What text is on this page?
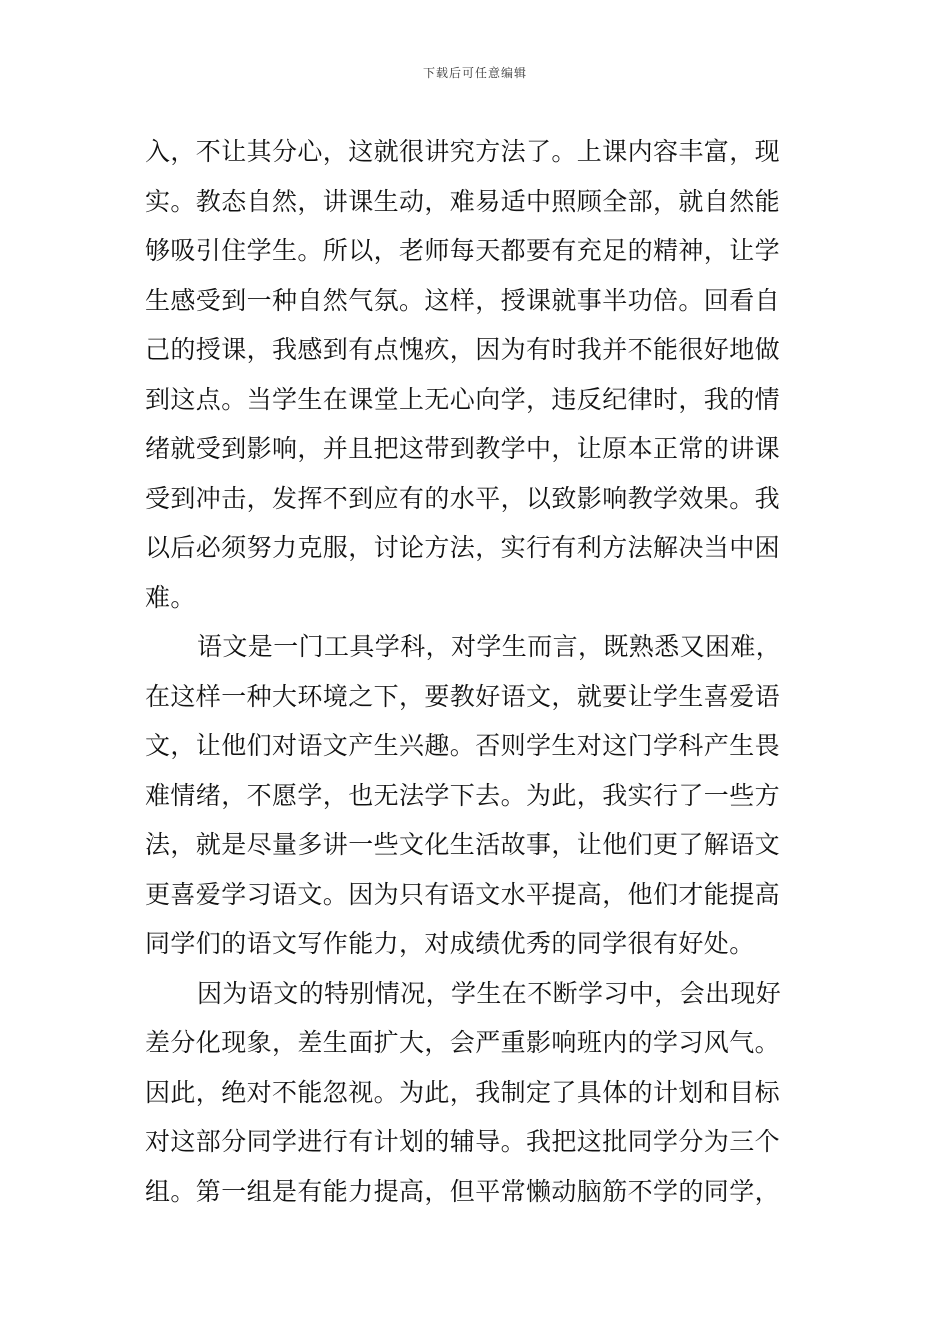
下载后可任意编辑
入，不让其分心，这就很讲究方法了。上课内容丰富，现
实。教态自然，讲课生动，难易适中照顾全部，就自然能
够吸引住学生。所以，老师每天都要有充足的精神，让学
生感受到一种自然气氛。这样，授课就事半功倍。回看自
己的授课，我感到有点愧疚，因为有时我并不能很好地做
到这点。当学生在课堂上无心向学，违反纪律时，我的情
绪就受到影响，并且把这带到教学中，让原本正常的讲课
受到冲击，发挥不到应有的水平，以致影响教学效果。我
以后必须努力克服，讨论方法，实行有利方法解决当中困
难。
语文是一门工具学科，对学生而言，既熟悉又困难，
在这样一种大环境之下，要教好语文，就要让学生喜爱语
文，让他们对语文产生兴趣。否则学生对这门学科产生畏
难情绪，不愿学，也无法学下去。为此，我实行了一些方
法，就是尽量多讲一些文化生活故事，让他们更了解语文
更喜爱学习语文。因为只有语文水平提高，他们才能提高
同学们的语文写作能力，对成绩优秀的同学很有好处。
因为语文的特别情况，学生在不断学习中，会出现好
差分化现象，差生面扩大，会严重影响班内的学习风气。
因此，绝对不能忽视。为此，我制定了具体的计划和目标
对这部分同学进行有计划的辅导。我把这批同学分为三个
组。第一组是有能力提高，但平常懒动脑筋不学的同学，
